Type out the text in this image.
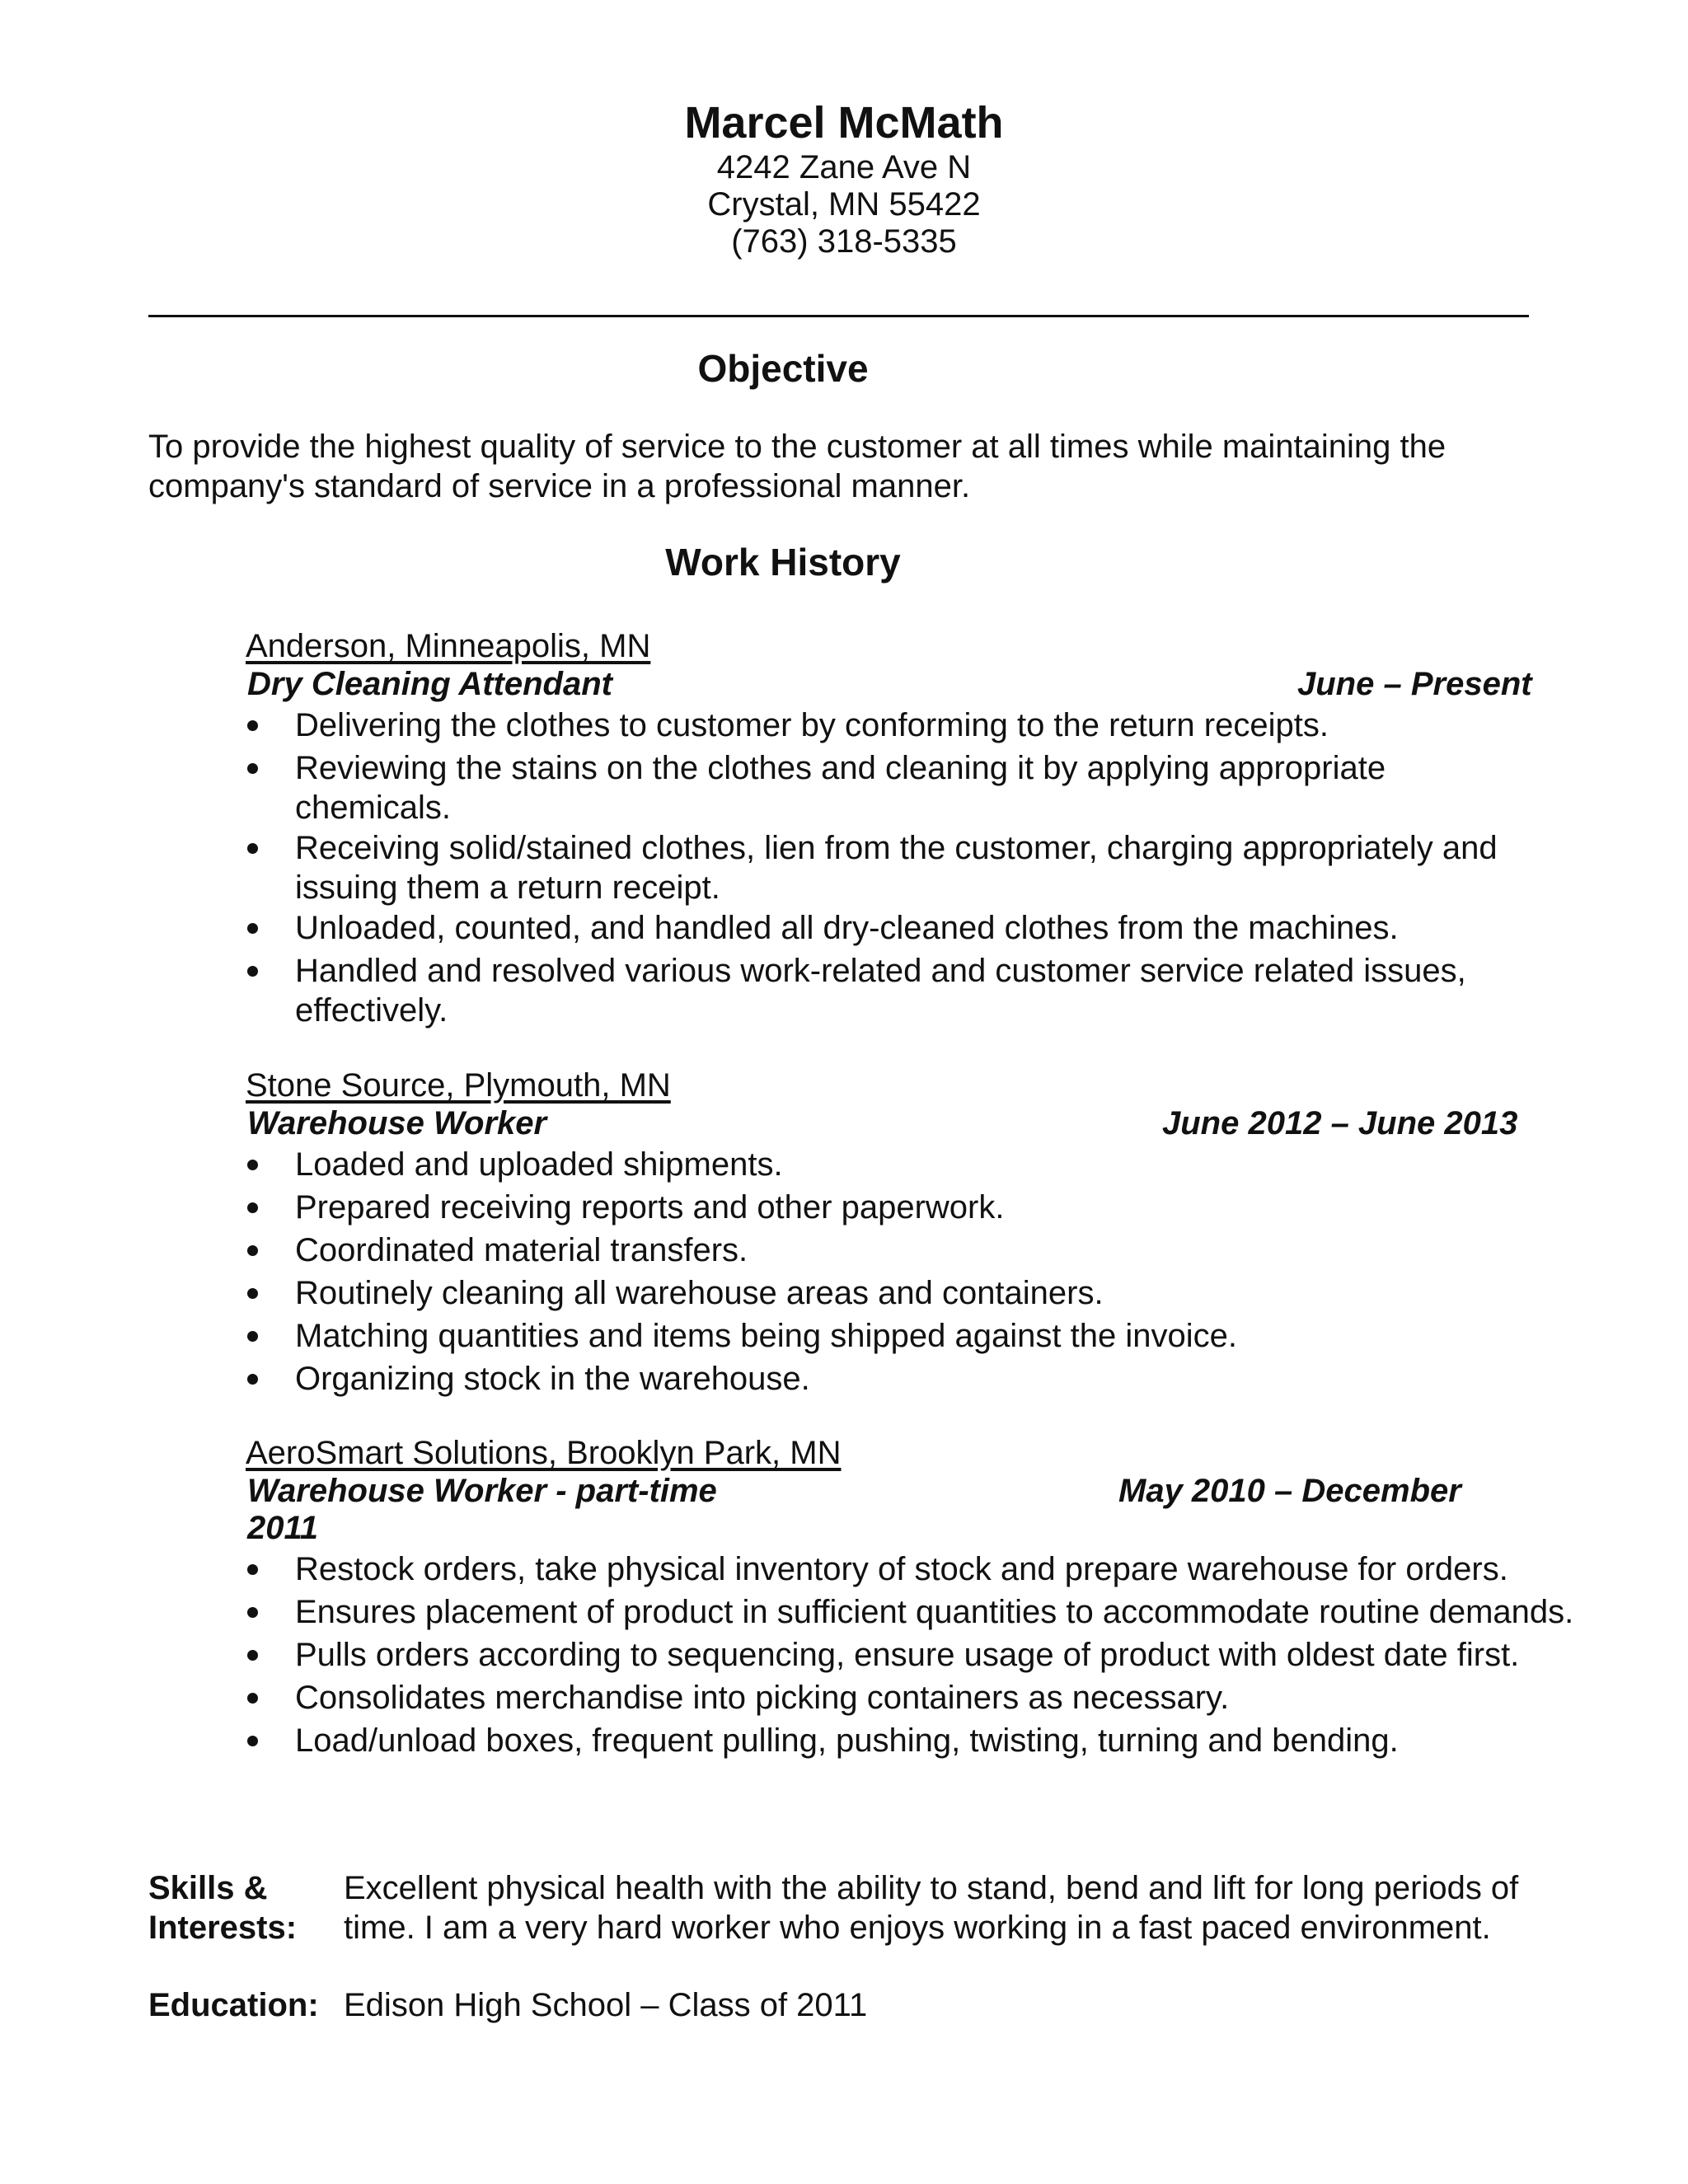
Marcel McMath
4242 Zane Ave N
Crystal, MN 55422
(763) 318-5335
Objective
To provide the highest quality of service to the customer at all times while maintaining the
company's standard of service in a professional manner.
Work History
Anderson, Minneapolis, MN
Dry Cleaning Attendant	June – Present
Delivering the clothes to customer by conforming to the return receipts.
Reviewing the stains on the clothes and cleaning it by applying appropriate
chemicals.
Receiving solid/stained clothes, lien from the customer, charging appropriately and
issuing them a return receipt.
Unloaded, counted, and handled all dry-cleaned clothes from the machines.
Handled and resolved various work-related and customer service related issues,
effectively.
Stone Source, Plymouth, MN
Warehouse Worker	June 2012 – June 2013
Loaded and uploaded shipments.
Prepared receiving reports and other paperwork.
Coordinated material transfers.
Routinely cleaning all warehouse areas and containers.
Matching quantities and items being shipped against the invoice.
Organizing stock in the warehouse.
AeroSmart Solutions, Brooklyn Park, MN
Warehouse Worker - part-time	May 2010 – December
2011
Restock orders, take physical inventory of stock and prepare warehouse for orders.
Ensures placement of product in sufficient quantities to accommodate routine demands.
Pulls orders according to sequencing, ensure usage of product with oldest date first.
Consolidates merchandise into picking containers as necessary.
Load/unload boxes, frequent pulling, pushing, twisting, turning and bending.
Skills &
Interests:
Excellent physical health with the ability to stand, bend and lift for long periods of
time. I am a very hard worker who enjoys working in a fast paced environment.
Education: Edison High School – Class of 2011
